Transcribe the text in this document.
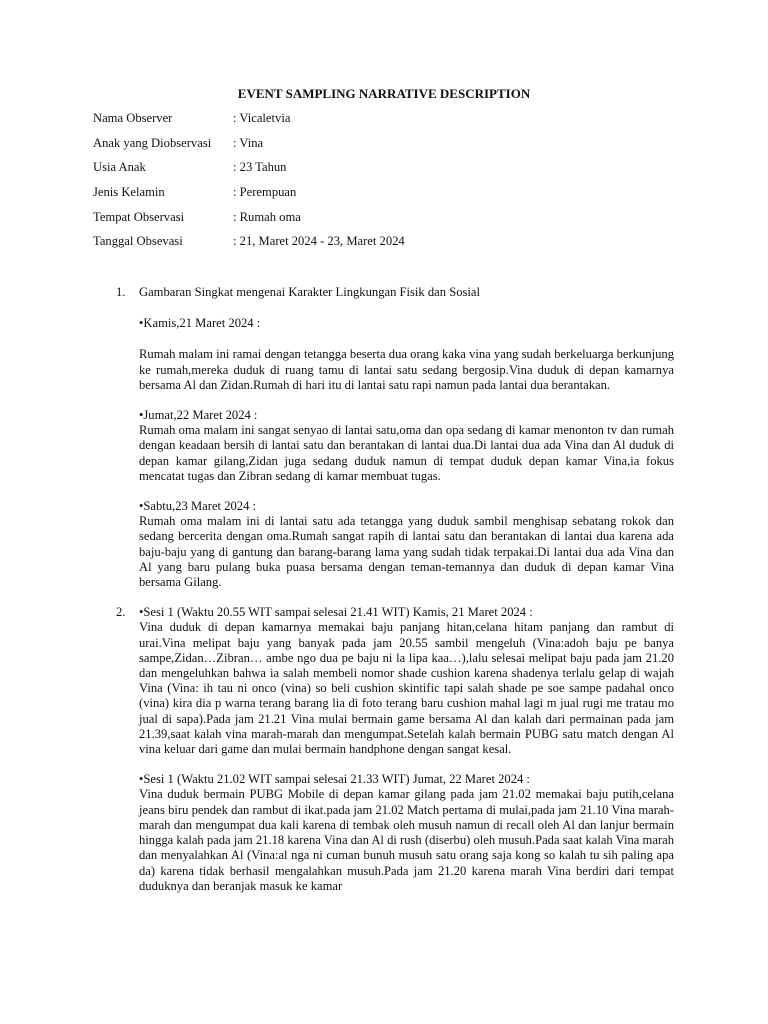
EVENT SAMPLING NARRATIVE DESCRIPTION
Nama Observer	: Vicaletvia
Anak yang Diobservasi	: Vina
Usia Anak	: 23 Tahun
Jenis Kelamin	: Perempuan
Tempat Observasi	: Rumah oma
Tanggal Obsevasi	: 21, Maret 2024 - 23, Maret 2024
1. Gambaran Singkat mengenai Karakter Lingkungan Fisik dan Sosial

•Kamis,21 Maret 2024 :

Rumah malam ini ramai dengan tetangga beserta dua orang kaka vina yang sudah berkeluarga berkunjung ke rumah,mereka duduk di ruang tamu di lantai satu sedang bergosip.Vina duduk di depan kamarnya bersama Al dan Zidan.Rumah di hari itu di lantai satu rapi namun pada lantai dua berantakan.

•Jumat,22 Maret 2024 :

Rumah oma malam ini sangat senyao di lantai satu,oma dan opa sedang di kamar menonton tv dan rumah dengan keadaan bersih di lantai satu dan berantakan di lantai dua.Di lantai dua ada Vina dan Al duduk di depan kamar gilang,Zidan juga sedang duduk namun di tempat duduk depan kamar Vina,ia fokus mencatat tugas dan Zibran sedang di kamar membuat tugas.

•Sabtu,23 Maret 2024 :

Rumah oma malam ini di lantai satu ada tetangga yang duduk sambil menghisap sebatang rokok dan sedang bercerita dengan oma.Rumah sangat rapih di lantai satu dan berantakan di lantai dua karena ada baju-baju yang di gantung dan barang-barang lama yang sudah tidak terpakai.Di lantai dua ada Vina dan Al yang baru pulang buka puasa bersama dengan teman-temannya dan duduk di depan kamar Vina bersama Gilang.

2. •Sesi 1 (Waktu 20.55 WIT sampai selesai 21.41 WIT) Kamis, 21 Maret 2024 :

Vina duduk di depan kamarnya memakai baju panjang hitan,celana hitam panjang dan rambut di urai.Vina melipat baju yang banyak pada jam 20.55 sambil mengeluh (Vina:adoh baju pe banya sampe,Zidan…Zibran… ambe ngo dua pe baju ni la lipa kaa…),lalu selesai melipat baju pada jam 21.20 dan mengeluhkan bahwa ia salah membeli nomor shade cushion karena shadenya terlalu gelap di wajah Vina (Vina: ih tau ni onco (vina) so beli cushion skintific tapi salah shade pe soe sampe padahal onco (vina) kira dia p warna terang barang lia di foto terang baru cushion mahal lagi m jual rugi me tratau mo jual di sapa).Pada jam 21.21 Vina mulai bermain game bersama Al dan kalah dari permainan pada jam 21.39,saat kalah vina marah-marah dan mengumpat.Setelah kalah bermain PUBG satu match dengan Al vina keluar dari game dan mulai bermain handphone dengan sangat kesal.

•Sesi 1 (Waktu 21.02 WIT sampai selesai 21.33 WIT) Jumat, 22 Maret 2024 :

Vina duduk bermain PUBG Mobile di depan kamar gilang pada jam 21.02 memakai baju putih,celana jeans biru pendek dan rambut di ikat.pada jam 21.02 Match pertama di mulai,pada jam 21.10 Vina marah-marah dan mengumpat dua kali karena di tembak oleh musuh namun di recall oleh Al dan lanjur bermain hingga kalah pada jam 21.18 karena Vina dan Al di rush (diserbu) oleh musuh.Pada saat kalah Vina marah dan menyalahkan Al (Vina:al nga ni cuman bunuh musuh satu orang saja kong so kalah tu sih paling apa da) karena tidak berhasil mengalahkan musuh.Pada jam 21.20 karena marah Vina berdiri dari tempat duduknya dan beranjak masuk ke kamar
